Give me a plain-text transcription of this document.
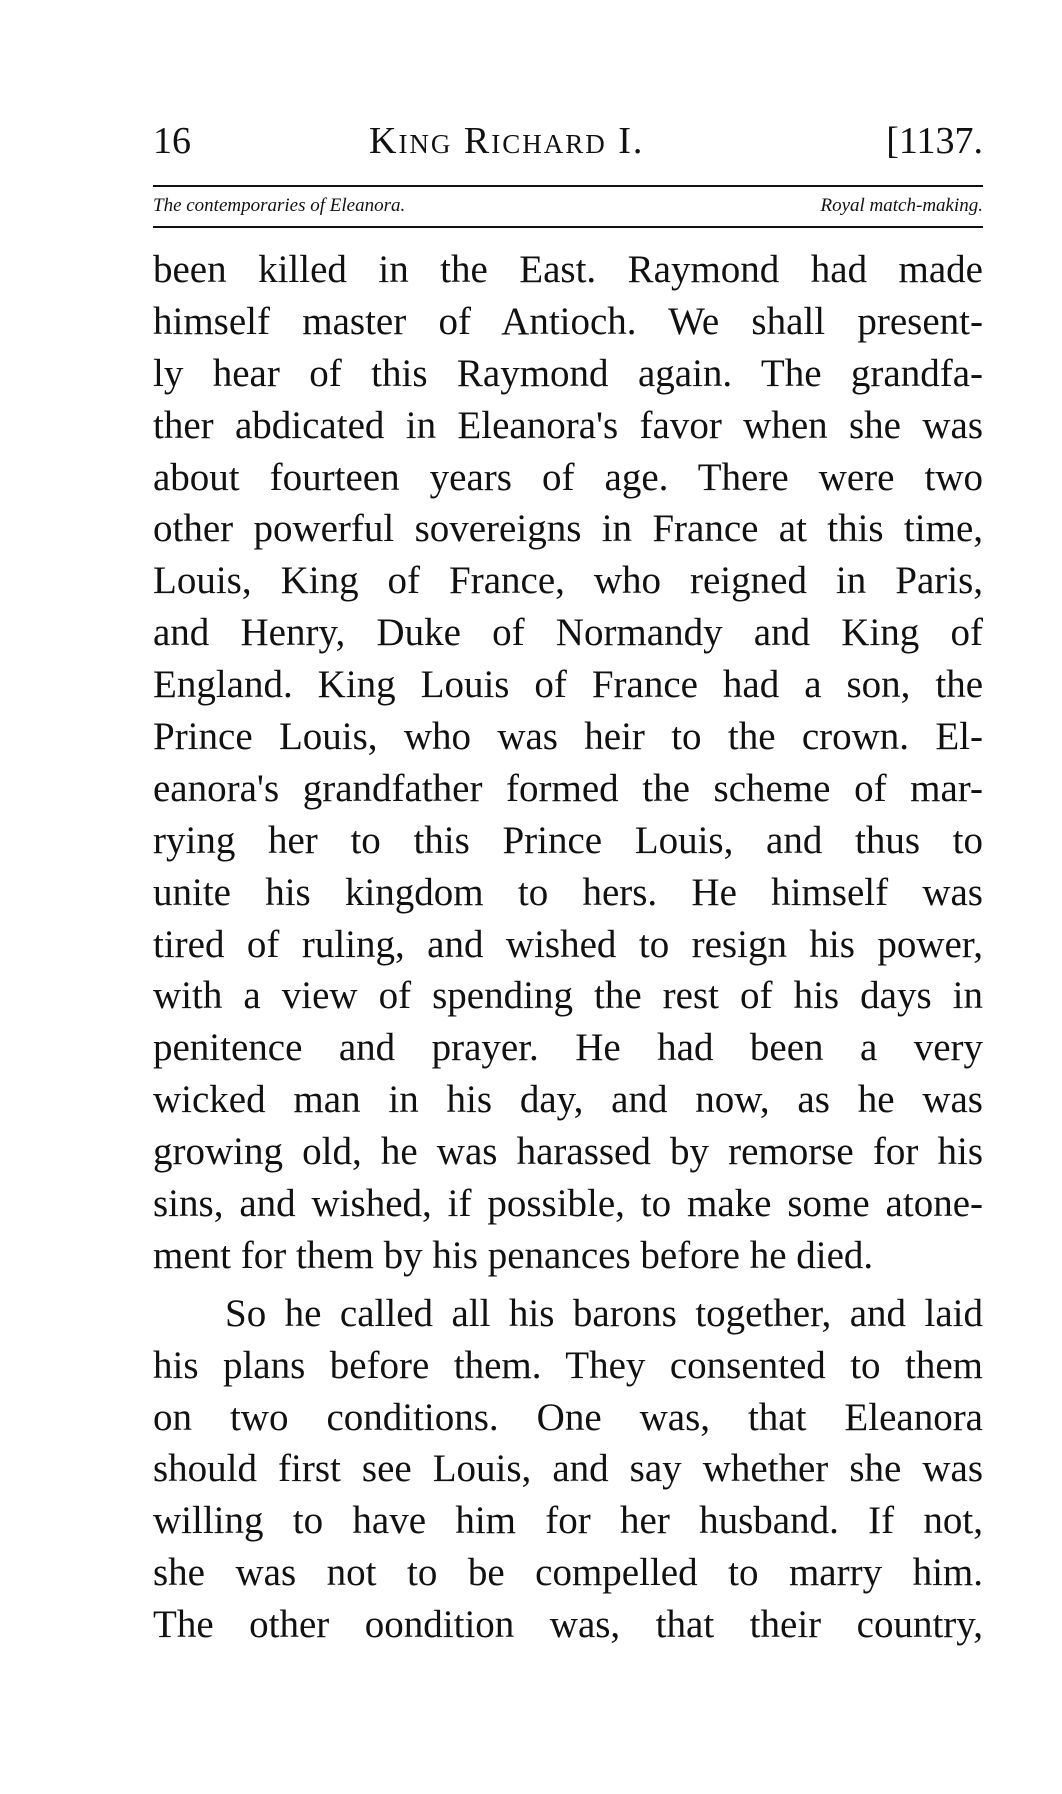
16	King Richard I.	[1137.
The contemporaries of Eleanora.	Royal match-making.
been killed in the East. Raymond had made
himself master of Antioch. We shall present-
ly hear of this Raymond again. The grandfa-
ther abdicated in Eleanora's favor when she was
about fourteen years of age. There were two
other powerful sovereigns in France at this time,
Louis, King of France, who reigned in Paris,
and Henry, Duke of Normandy and King of
England. King Louis of France had a son, the
Prince Louis, who was heir to the crown. El-
eanora's grandfather formed the scheme of mar-
rying her to this Prince Louis, and thus to
unite his kingdom to hers. He himself was
tired of ruling, and wished to resign his power,
with a view of spending the rest of his days in
penitence and prayer. He had been a very
wicked man in his day, and now, as he was
growing old, he was harassed by remorse for his
sins, and wished, if possible, to make some atone-
ment for them by his penances before he died.
So he called all his barons together, and laid
his plans before them. They consented to them
on two conditions. One was, that Eleanora
should first see Louis, and say whether she was
willing to have him for her husband. If not,
she was not to be compelled to marry him.
The other oondition was, that their country,
